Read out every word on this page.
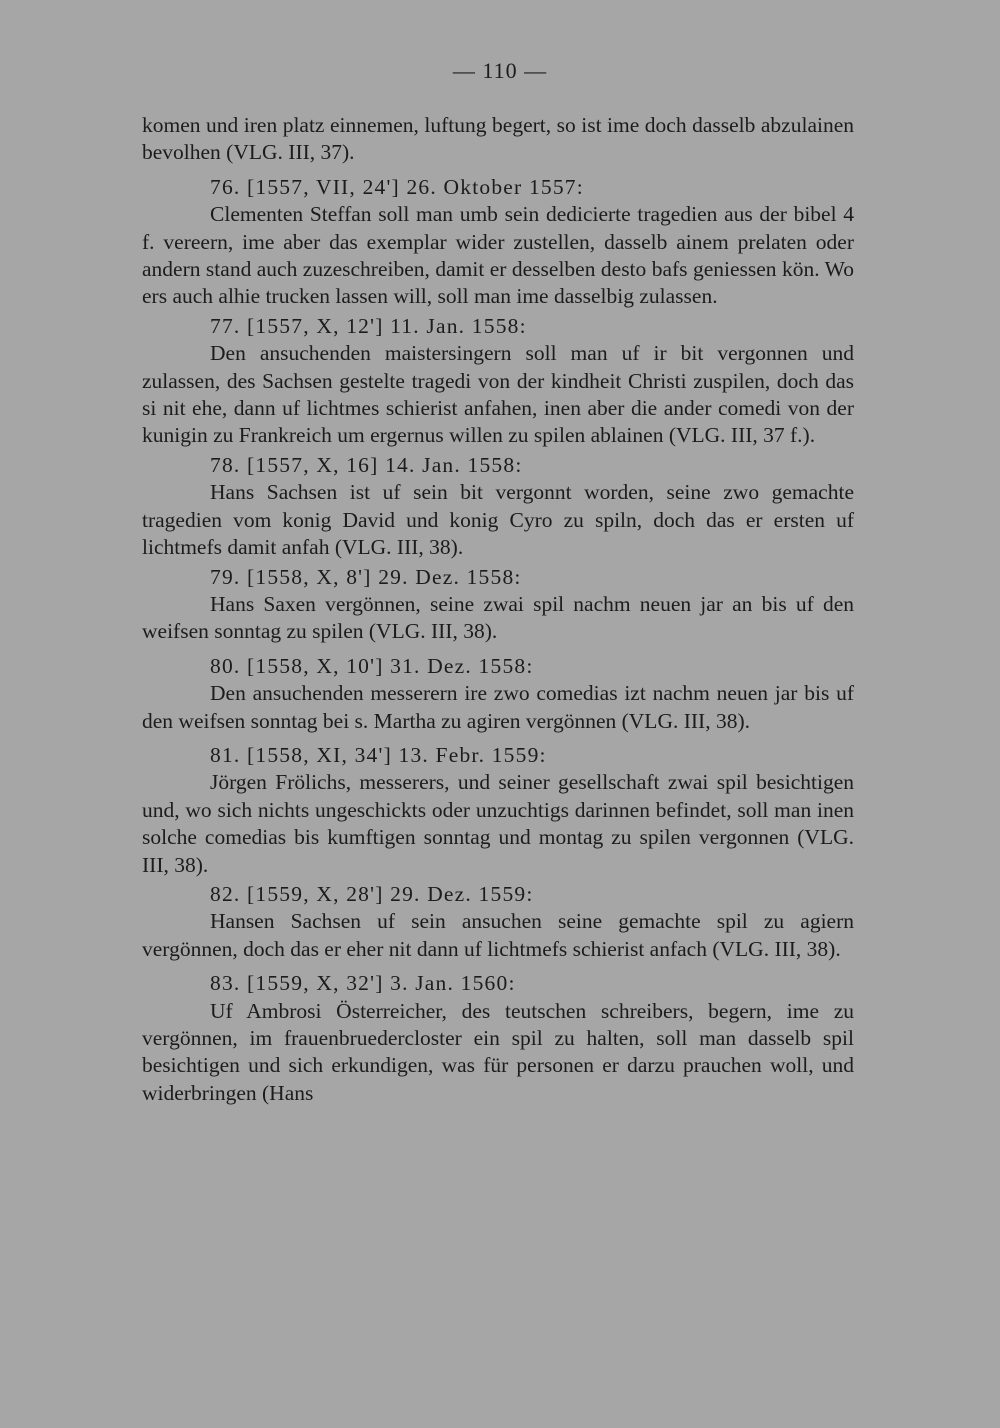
— 110 —

komen und iren platz einnemen, luftung begert, so ist ime doch dasselb abzulainen bevolhen (VLG. III, 37).

76. [1557, VII, 24'] 26. Oktober 1557:

Clementen Steffan soll man umb sein dedicierte tragedien aus der bibel 4 f. vereern, ime aber das exemplar wider zustellen, dasselb ainem prelaten oder andern stand auch zuzeschreiben, damit er desselben desto bafs geniessen kön. Wo ers auch alhie trucken lassen will, soll man ime dasselbig zulassen.

77. [1557, X, 12'] 11. Jan. 1558:

Den ansuchenden maistersingern soll man uf ir bit vergonnen und zulassen, des Sachsen gestelte tragedi von der kindheit Christi zuspilen, doch das si nit ehe, dann uf lichtmes schierist anfahen, inen aber die ander comedi von der kunigin zu Frankreich um ergernus willen zu spilen ablainen (VLG. III, 37 f.).

78. [1557, X, 16] 14. Jan. 1558:

Hans Sachsen ist uf sein bit vergonnt worden, seine zwo gemachte tragedien vom konig David und konig Cyro zu spiln, doch das er ersten uf lichtmefs damit anfah (VLG. III, 38).

79. [1558, X, 8'] 29. Dez. 1558:

Hans Saxen vergönnen, seine zwai spil nachm neuen jar an bis uf den weifsen sonntag zu spilen (VLG. III, 38).

80. [1558, X, 10'] 31. Dez. 1558:

Den ansuchenden messerern ire zwo comedias izt nachm neuen jar bis uf den weifsen sonntag bei s. Martha zu agiren vergönnen (VLG. III, 38).

81. [1558, XI, 34'] 13. Febr. 1559:

Jörgen Frölichs, messerers, und seiner gesellschaft zwai spil besichtigen und, wo sich nichts ungeschickts oder unzuchtigs darinnen befindet, soll man inen solche comedias bis kumftigen sonntag und montag zu spilen vergonnen (VLG. III, 38).

82. [1559, X, 28'] 29. Dez. 1559:

Hansen Sachsen uf sein ansuchen seine gemachte spil zu agiern vergönnen, doch das er eher nit dann uf lichtmefs schierist anfach (VLG. III, 38).

83. [1559, X, 32'] 3. Jan. 1560:

Uf Ambrosi Österreicher, des teutschen schreibers, begern, ime zu vergönnen, im frauenbruedercloster ein spil zu halten, soll man dasselb spil besichtigen und sich erkundigen, was für personen er darzu prauchen woll, und widerbringen (Hans
